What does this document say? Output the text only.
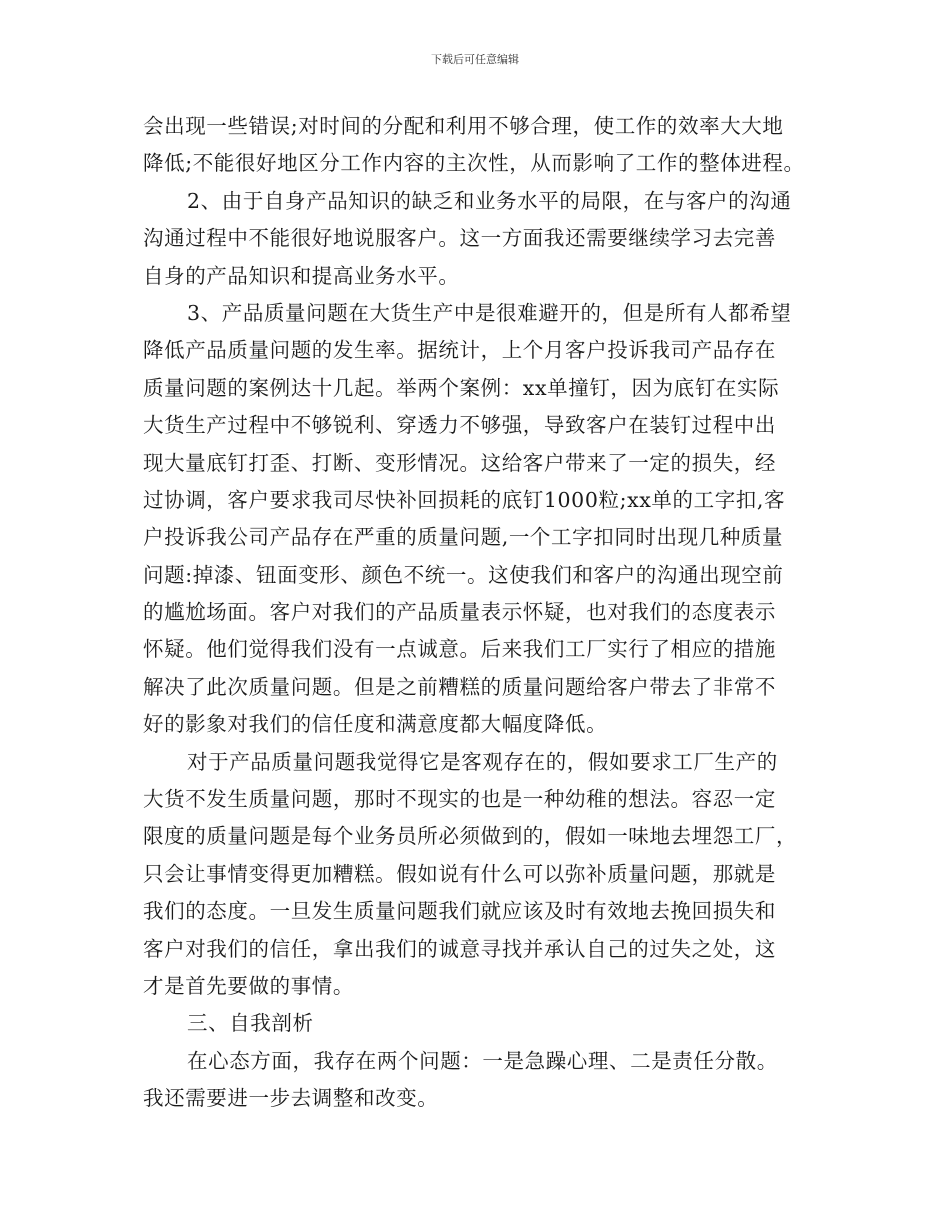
下载后可任意编辑
会出现一些错误;对时间的分配和利用不够合理，使工作的效率大大地
降低;不能很好地区分工作内容的主次性，从而影响了工作的整体进程。
2、由于自身产品知识的缺乏和业务水平的局限，在与客户的沟通
沟通过程中不能很好地说服客户。这一方面我还需要继续学习去完善
自身的产品知识和提高业务水平。
3、产品质量问题在大货生产中是很难避开的，但是所有人都希望
降低产品质量问题的发生率。据统计，上个月客户投诉我司产品存在
质量问题的案例达十几起。举两个案例：xx单撞钉，因为底钉在实际
大货生产过程中不够锐利、穿透力不够强，导致客户在装钉过程中出
现大量底钉打歪、打断、变形情况。这给客户带来了一定的损失，经
过协调，客户要求我司尽快补回损耗的底钉1000粒;xx单的工字扣,客
户投诉我公司产品存在严重的质量问题,一个工字扣同时出现几种质量
问题:掉漆、钮面变形、颜色不统一。这使我们和客户的沟通出现空前
的尴尬场面。客户对我们的产品质量表示怀疑，也对我们的态度表示
怀疑。他们觉得我们没有一点诚意。后来我们工厂实行了相应的措施
解决了此次质量问题。但是之前糟糕的质量问题给客户带去了非常不
好的影象对我们的信任度和满意度都大幅度降低。
对于产品质量问题我觉得它是客观存在的，假如要求工厂生产的
大货不发生质量问题，那时不现实的也是一种幼稚的想法。容忍一定
限度的质量问题是每个业务员所必须做到的，假如一味地去埋怨工厂，
只会让事情变得更加糟糕。假如说有什么可以弥补质量问题，那就是
我们的态度。一旦发生质量问题我们就应该及时有效地去挽回损失和
客户对我们的信任，拿出我们的诚意寻找并承认自己的过失之处，这
才是首先要做的事情。
三、自我剖析
在心态方面，我存在两个问题：一是急躁心理、二是责任分散。
我还需要进一步去调整和改变。
